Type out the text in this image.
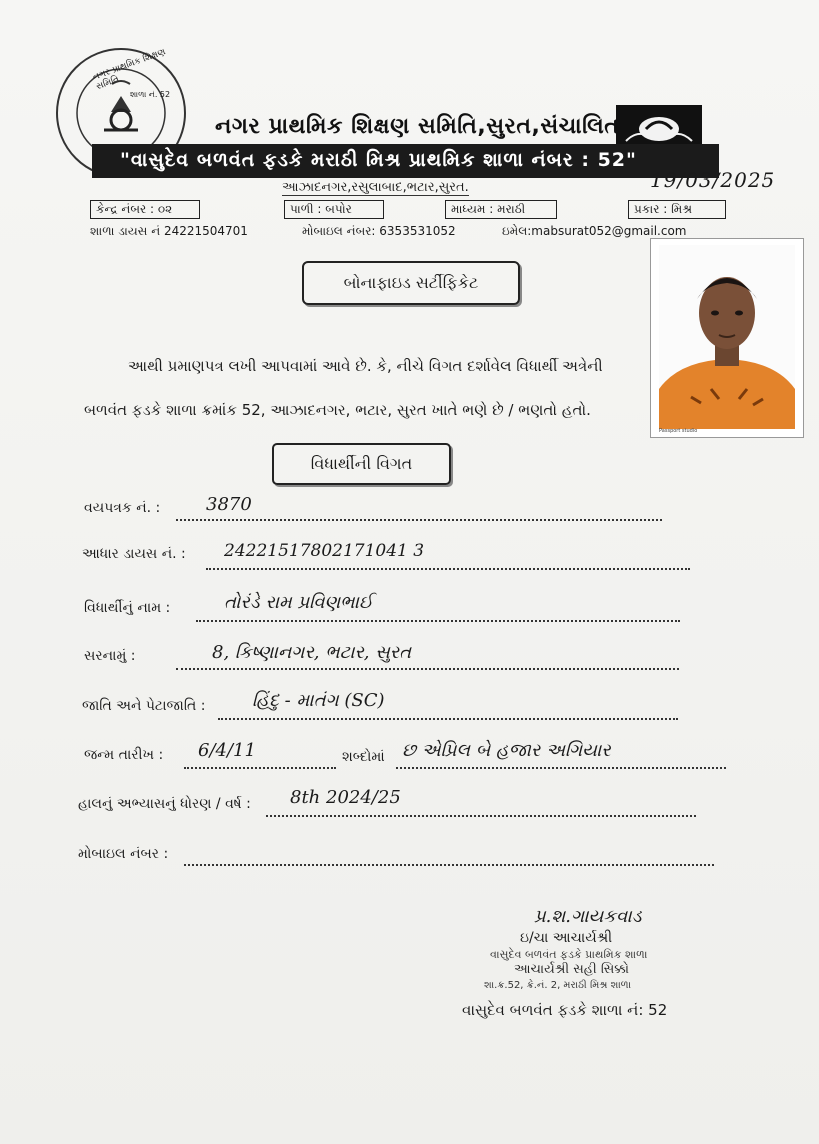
નગર પ્રાથમિક શિક્ષણ સમિતિ
શાળા નં. 52
નગર પ્રાથમિક શિક્ષણ સમિતિ,સુરત,સંચાલિત
"વાસુદેવ બળવંત ફડકે મરાઠી મિશ્ર પ્રાથમિક શાળા નંબર : 52"
આઝાદનગર,રસુલાબાદ,ભટાર,સુરત.	19/03/2025
કેન્દ્ર નંબર : ૦૨	પાળી : બપોર	માધ્યમ : મરાઠી	પ્રકાર : મિશ્ર
શાળા ડાયસ નં 24221504701	મોબાઇલ નંબર: 6353531052	ઇમેલ:mabsurat052@gmail.com
બોનાફાઇડ સર્ટીફિકેટ
Passport studio
આથી પ્રમાણપત્ર લખી આપવામાં આવે છે. કે, નીચે વિગત દર્શાવેલ વિધાર્થી અત્રેની
બળવંત ફડકે શાળા ક્રમાંક 52, આઝાદનગર, ભટાર, સુરત ખાતે ભણે છે / ભણતો હતો.
વિધાર્થીની વિગત
વયપત્રક નં. :	3870
આધાર ડાયસ નં. : 24221517802171041 3
વિધાર્થીનું નામ :	તોરંડે રામ પ્રવિણભાઈ
સરનામું :	8, કિષ્ણાનગર, ભટાર, સુરત
જાતિ અને પેટાજાતિ :	હિંદુ - માતંગ (SC)
જન્મ તારીખ : 6/4/11	શબ્દોમાં છ એપ્રિલ બે હજાર અગિયાર
હાલનું અભ્યાસનું ધોરણ / વર્ષ : 8th 2024/25
મોબાઇલ નંબર :
પ્ર.શ.ગાયકવાડ
ઇ/ચા આચાર્યશ્રી
વાસુદેવ બળવંત ફડકે પ્રાથમિક શાળા
આચાર્યશ્રી સહી સિક્કો
શા.ક્ર.52, ક્રે.નં. 2, મરાઠી મિશ્ર શાળા
વાસુદેવ બળવંત ફડકે શાળા નં: 52
